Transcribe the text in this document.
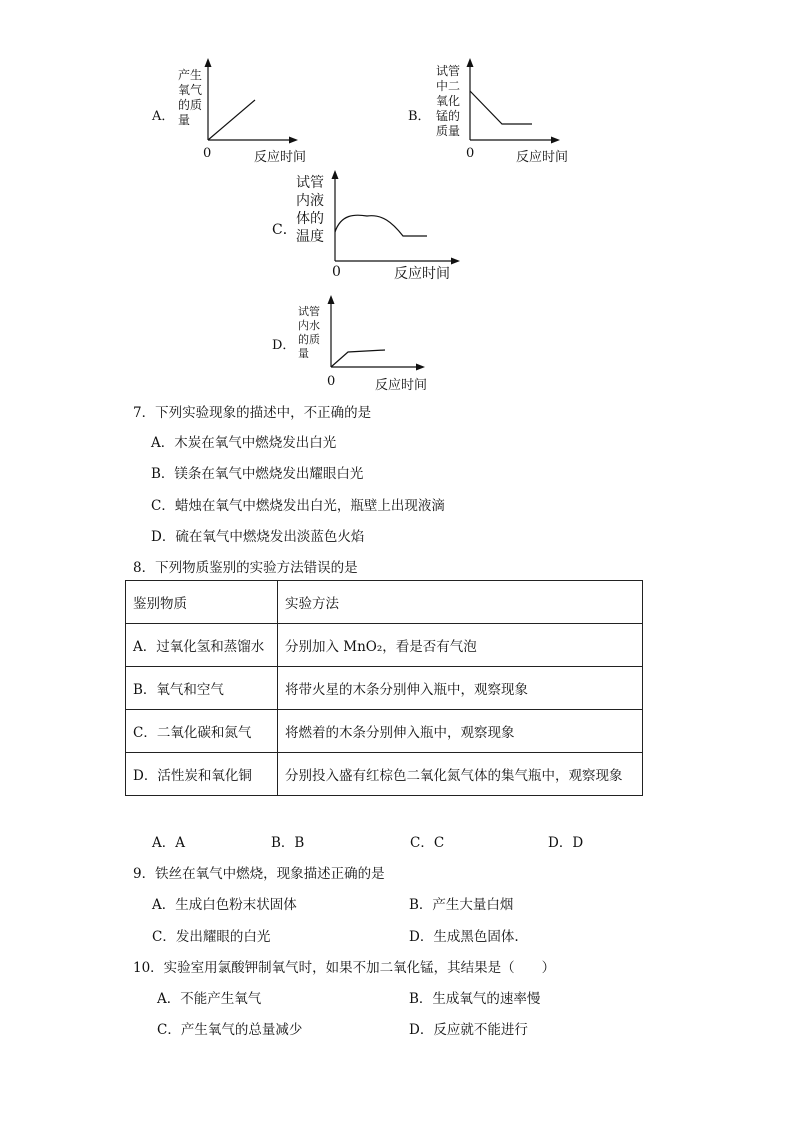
A．
产生
氧气
的质
量
0	反应时间
B．
试管
中二
氧化
锰的
质量
0	反应时间
C．
试管
内液
体的
温度
0	反应时间
D．
试管
内水
的质
量
0	反应时间
7．下列实验现象的描述中，不正确的是
A．木炭在氧气中燃烧发出白光
B．镁条在氧气中燃烧发出耀眼白光
C．蜡烛在氧气中燃烧发出白光，瓶壁上出现液滴
D．硫在氧气中燃烧发出淡蓝色火焰
8．下列物质鉴别的实验方法错误的是
鉴别物质	实验方法
A．过氧化氢和蒸馏水	分别加入 MnO₂，看是否有气泡
B．氧气和空气	将带火星的木条分别伸入瓶中，观察现象
C．二氧化碳和氮气	将燃着的木条分别伸入瓶中，观察现象
D．活性炭和氧化铜	分别投入盛有红棕色二氧化氮气体的集气瓶中，观察现象
A．A	B．B	C．C	D．D
9．铁丝在氧气中燃烧，现象描述正确的是
A．生成白色粉末状固体	B．产生大量白烟
C．发出耀眼的白光	D．生成黑色固体.
10．实验室用氯酸钾制氧气时，如果不加二氧化锰，其结果是（　　）
A．不能产生氧气	B．生成氧气的速率慢
C．产生氧气的总量减少	D．反应就不能进行
